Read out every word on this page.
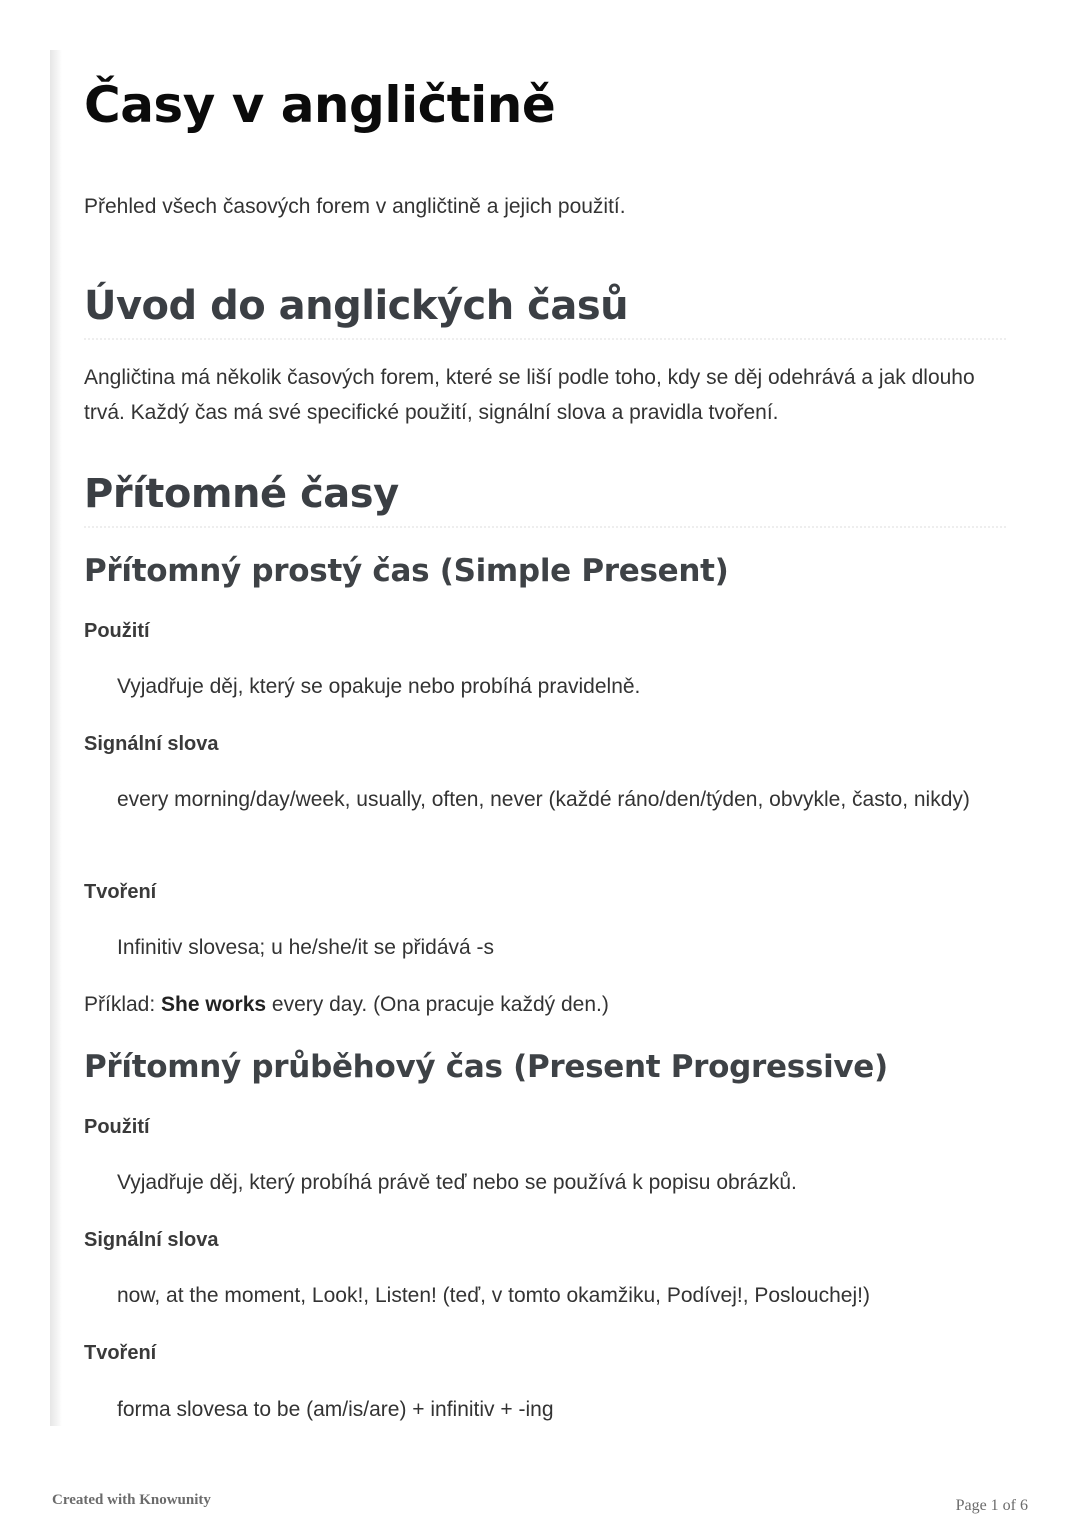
Časy v angličtině

Přehled všech časových forem v angličtině a jejich použití.

Úvod do anglických časů

Angličtina má několik časových forem, které se liší podle toho, kdy se děj odehrává a jak dlouho trvá. Každý čas má své specifické použití, signální slova a pravidla tvoření.

Přítomné časy
Přítomný prostý čas (Simple Present)

Použití

Vyjadřuje děj, který se opakuje nebo probíhá pravidelně.

Signální slova

every morning/day/week, usually, often, never (každé ráno/den/týden, obvykle, často, nikdy)

Tvoření

Infinitiv slovesa; u he/she/it se přidává -s

Příklad: She works every day. (Ona pracuje každý den.)

Přítomný průběhový čas (Present Progressive)

Použití

Vyjadřuje děj, který probíhá právě teď nebo se používá k popisu obrázků.

Signální slova

now, at the moment, Look!, Listen! (teď, v tomto okamžiku, Podívej!, Poslouchej!)

Tvoření

forma slovesa to be (am/is/are) + infinitiv + -ing

Created with Knowunity	Page 1 of 6
